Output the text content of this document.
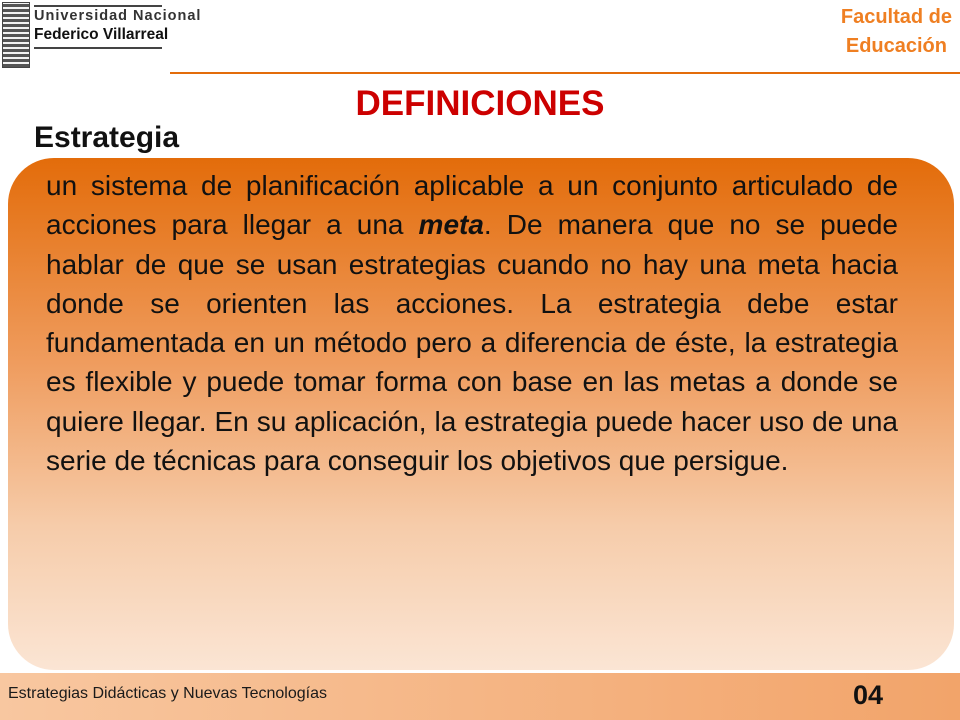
Universidad Nacional
Federico Villarreal
Facultad de
Educación
DEFINICIONES
Estrategia

un sistema de planificación aplicable a un conjunto articulado de acciones para llegar a una meta. De manera que no se puede hablar de que se usan estrategias cuando no hay una meta hacia donde se orienten las acciones. La estrategia debe estar fundamentada en un método pero a diferencia de éste, la estrategia es flexible y puede tomar forma con base en las metas a donde se quiere llegar. En su aplicación, la estrategia puede hacer uso de una serie de técnicas para conseguir los objetivos que persigue.

Estrategias Didácticas y Nuevas Tecnologías	04
